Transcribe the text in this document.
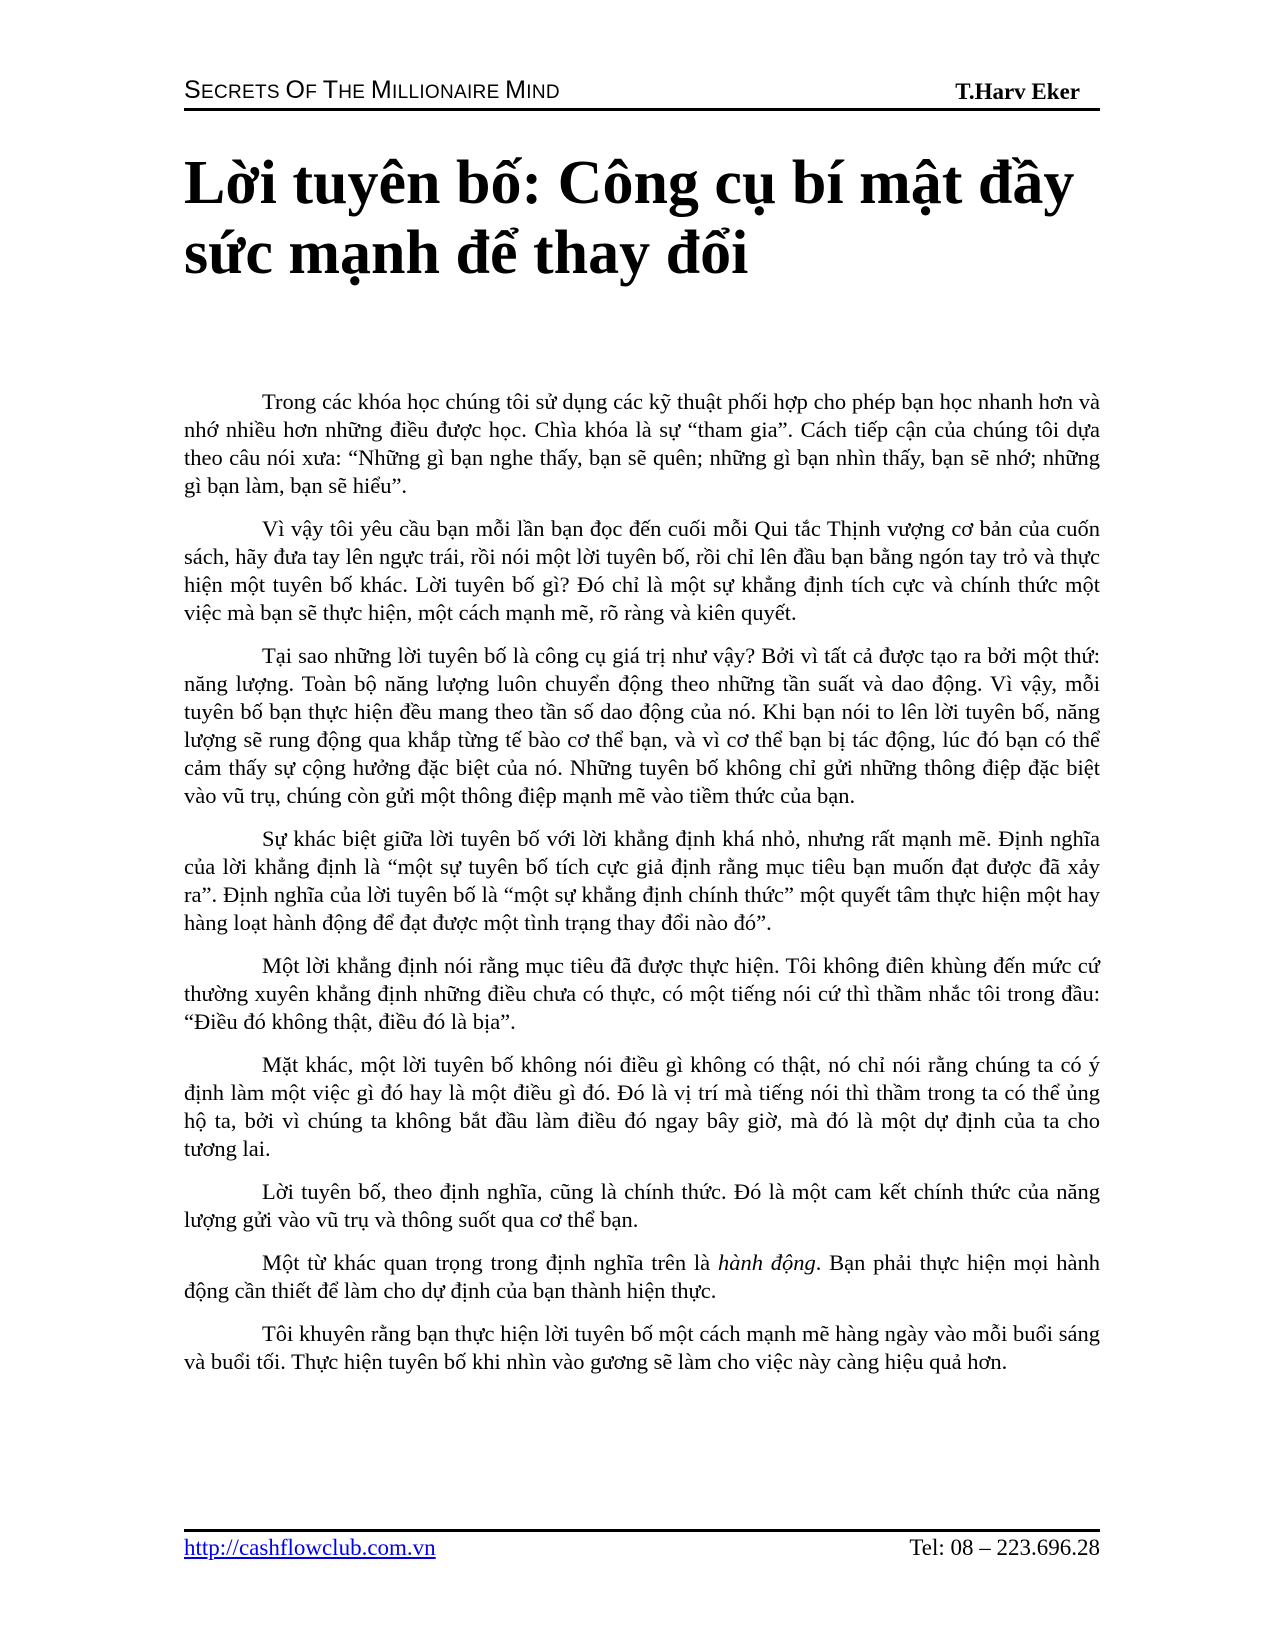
SECRETS OF THE MILLIONAIRE MIND	T.Harv Eker
Lời tuyên bố: Công cụ bí mật đầy sức mạnh để thay đổi

Trong các khóa học chúng tôi sử dụng các kỹ thuật phối hợp cho phép bạn học nhanh hơn và nhớ nhiều hơn những điều được học. Chìa khóa là sự “tham gia”. Cách tiếp cận của chúng tôi dựa theo câu nói xưa: “Những gì bạn nghe thấy, bạn sẽ quên; những gì bạn nhìn thấy, bạn sẽ nhớ; những gì bạn làm, bạn sẽ hiểu”.

Vì vậy tôi yêu cầu bạn mỗi lần bạn đọc đến cuối mỗi Qui tắc Thịnh vượng cơ bản của cuốn sách, hãy đưa tay lên ngực trái, rồi nói một lời tuyên bố, rồi chỉ lên đầu bạn bằng ngón tay trỏ và thực hiện một tuyên bố khác. Lời tuyên bố gì? Đó chỉ là một sự khẳng định tích cực và chính thức một việc mà bạn sẽ thực hiện, một cách mạnh mẽ, rõ ràng và kiên quyết.

Tại sao những lời tuyên bố là công cụ giá trị như vậy? Bởi vì tất cả được tạo ra bởi một thứ: năng lượng. Toàn bộ năng lượng luôn chuyển động theo những tần suất và dao động. Vì vậy, mỗi tuyên bố bạn thực hiện đều mang theo tần số dao động của nó. Khi bạn nói to lên lời tuyên bố, năng lượng sẽ rung động qua khắp từng tế bào cơ thể bạn, và vì cơ thể bạn bị tác động, lúc đó bạn có thể cảm thấy sự cộng hưởng đặc biệt của nó. Những tuyên bố không chỉ gửi những thông điệp đặc biệt vào vũ trụ, chúng còn gửi một thông điệp mạnh mẽ vào tiềm thức của bạn.

Sự khác biệt giữa lời tuyên bố với lời khẳng định khá nhỏ, nhưng rất mạnh mẽ. Định nghĩa của lời khẳng định là “một sự tuyên bố tích cực giả định rằng mục tiêu bạn muốn đạt được đã xảy ra”. Định nghĩa của lời tuyên bố là “một sự khẳng định chính thức” một quyết tâm thực hiện một hay hàng loạt hành động để đạt được một tình trạng thay đổi nào đó”.

Một lời khẳng định nói rằng mục tiêu đã được thực hiện. Tôi không điên khùng đến mức cứ thường xuyên khẳng định những điều chưa có thực, có một tiếng nói cứ thì thầm nhắc tôi trong đầu: “Điều đó không thật, điều đó là bịa”.

Mặt khác, một lời tuyên bố không nói điều gì không có thật, nó chỉ nói rằng chúng ta có ý định làm một việc gì đó hay là một điều gì đó. Đó là vị trí mà tiếng nói thì thầm trong ta có thể ủng hộ ta, bởi vì chúng ta không bắt đầu làm điều đó ngay bây giờ, mà đó là một dự định của ta cho tương lai.

Lời tuyên bố, theo định nghĩa, cũng là chính thức. Đó là một cam kết chính thức của năng lượng gửi vào vũ trụ và thông suốt qua cơ thể bạn.

Một từ khác quan trọng trong định nghĩa trên là hành động. Bạn phải thực hiện mọi hành động cần thiết để làm cho dự định của bạn thành hiện thực.

Tôi khuyên rằng bạn thực hiện lời tuyên bố một cách mạnh mẽ hàng ngày vào mỗi buổi sáng và buổi tối. Thực hiện tuyên bố khi nhìn vào gương sẽ làm cho việc này càng hiệu quả hơn.

http://cashflowclub.com.vn	Tel: 08 – 223.696.28
